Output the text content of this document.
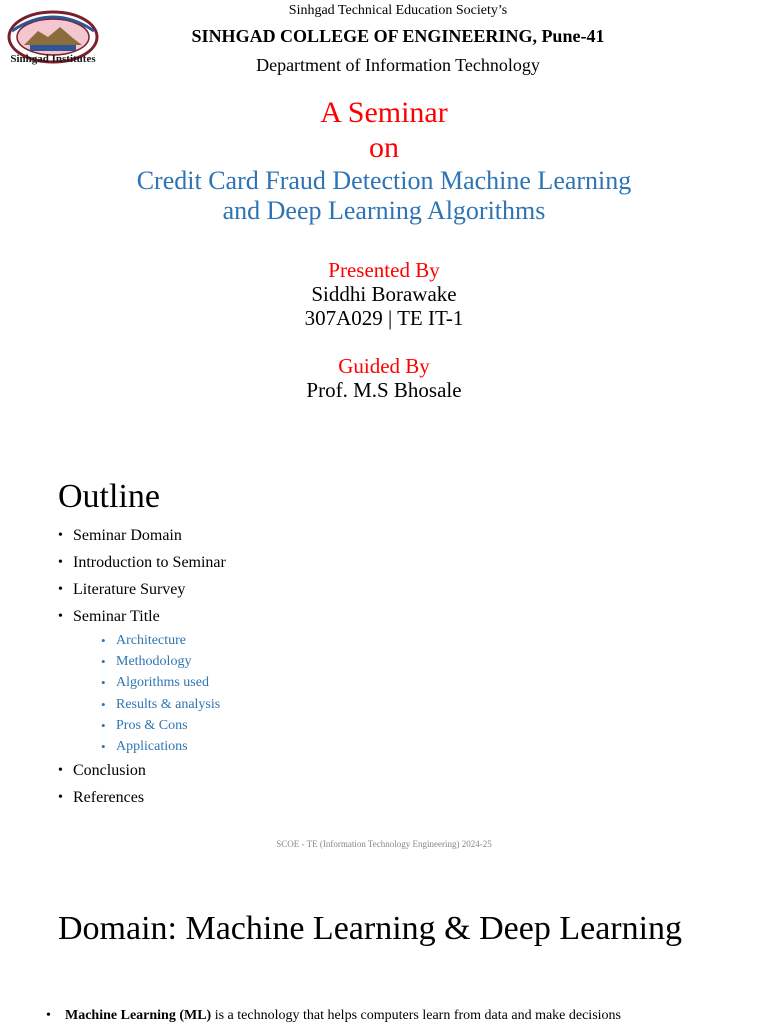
Sinhgad Institutes
Sinhgad Technical Education Society’s
SINHGAD COLLEGE OF ENGINEERING, Pune-41
Department of Information Technology
A Seminar
on
Credit Card Fraud Detection Machine Learning
and Deep Learning Algorithms
Presented By
Siddhi Borawake
307A029 | TE IT-1
Guided By
Prof. M.S Bhosale
Outline
• Seminar Domain
• Introduction to Seminar
• Literature Survey
• Seminar Title
• Architecture
• Methodology
• Algorithms used
• Results & analysis
• Pros & Cons
• Applications
• Conclusion
• References
SCOE - TE (Information Technology Engineering) 2024-25
Domain: Machine Learning & Deep Learning
• Machine Learning (ML) is a technology that helps computers learn from data and make decisions
